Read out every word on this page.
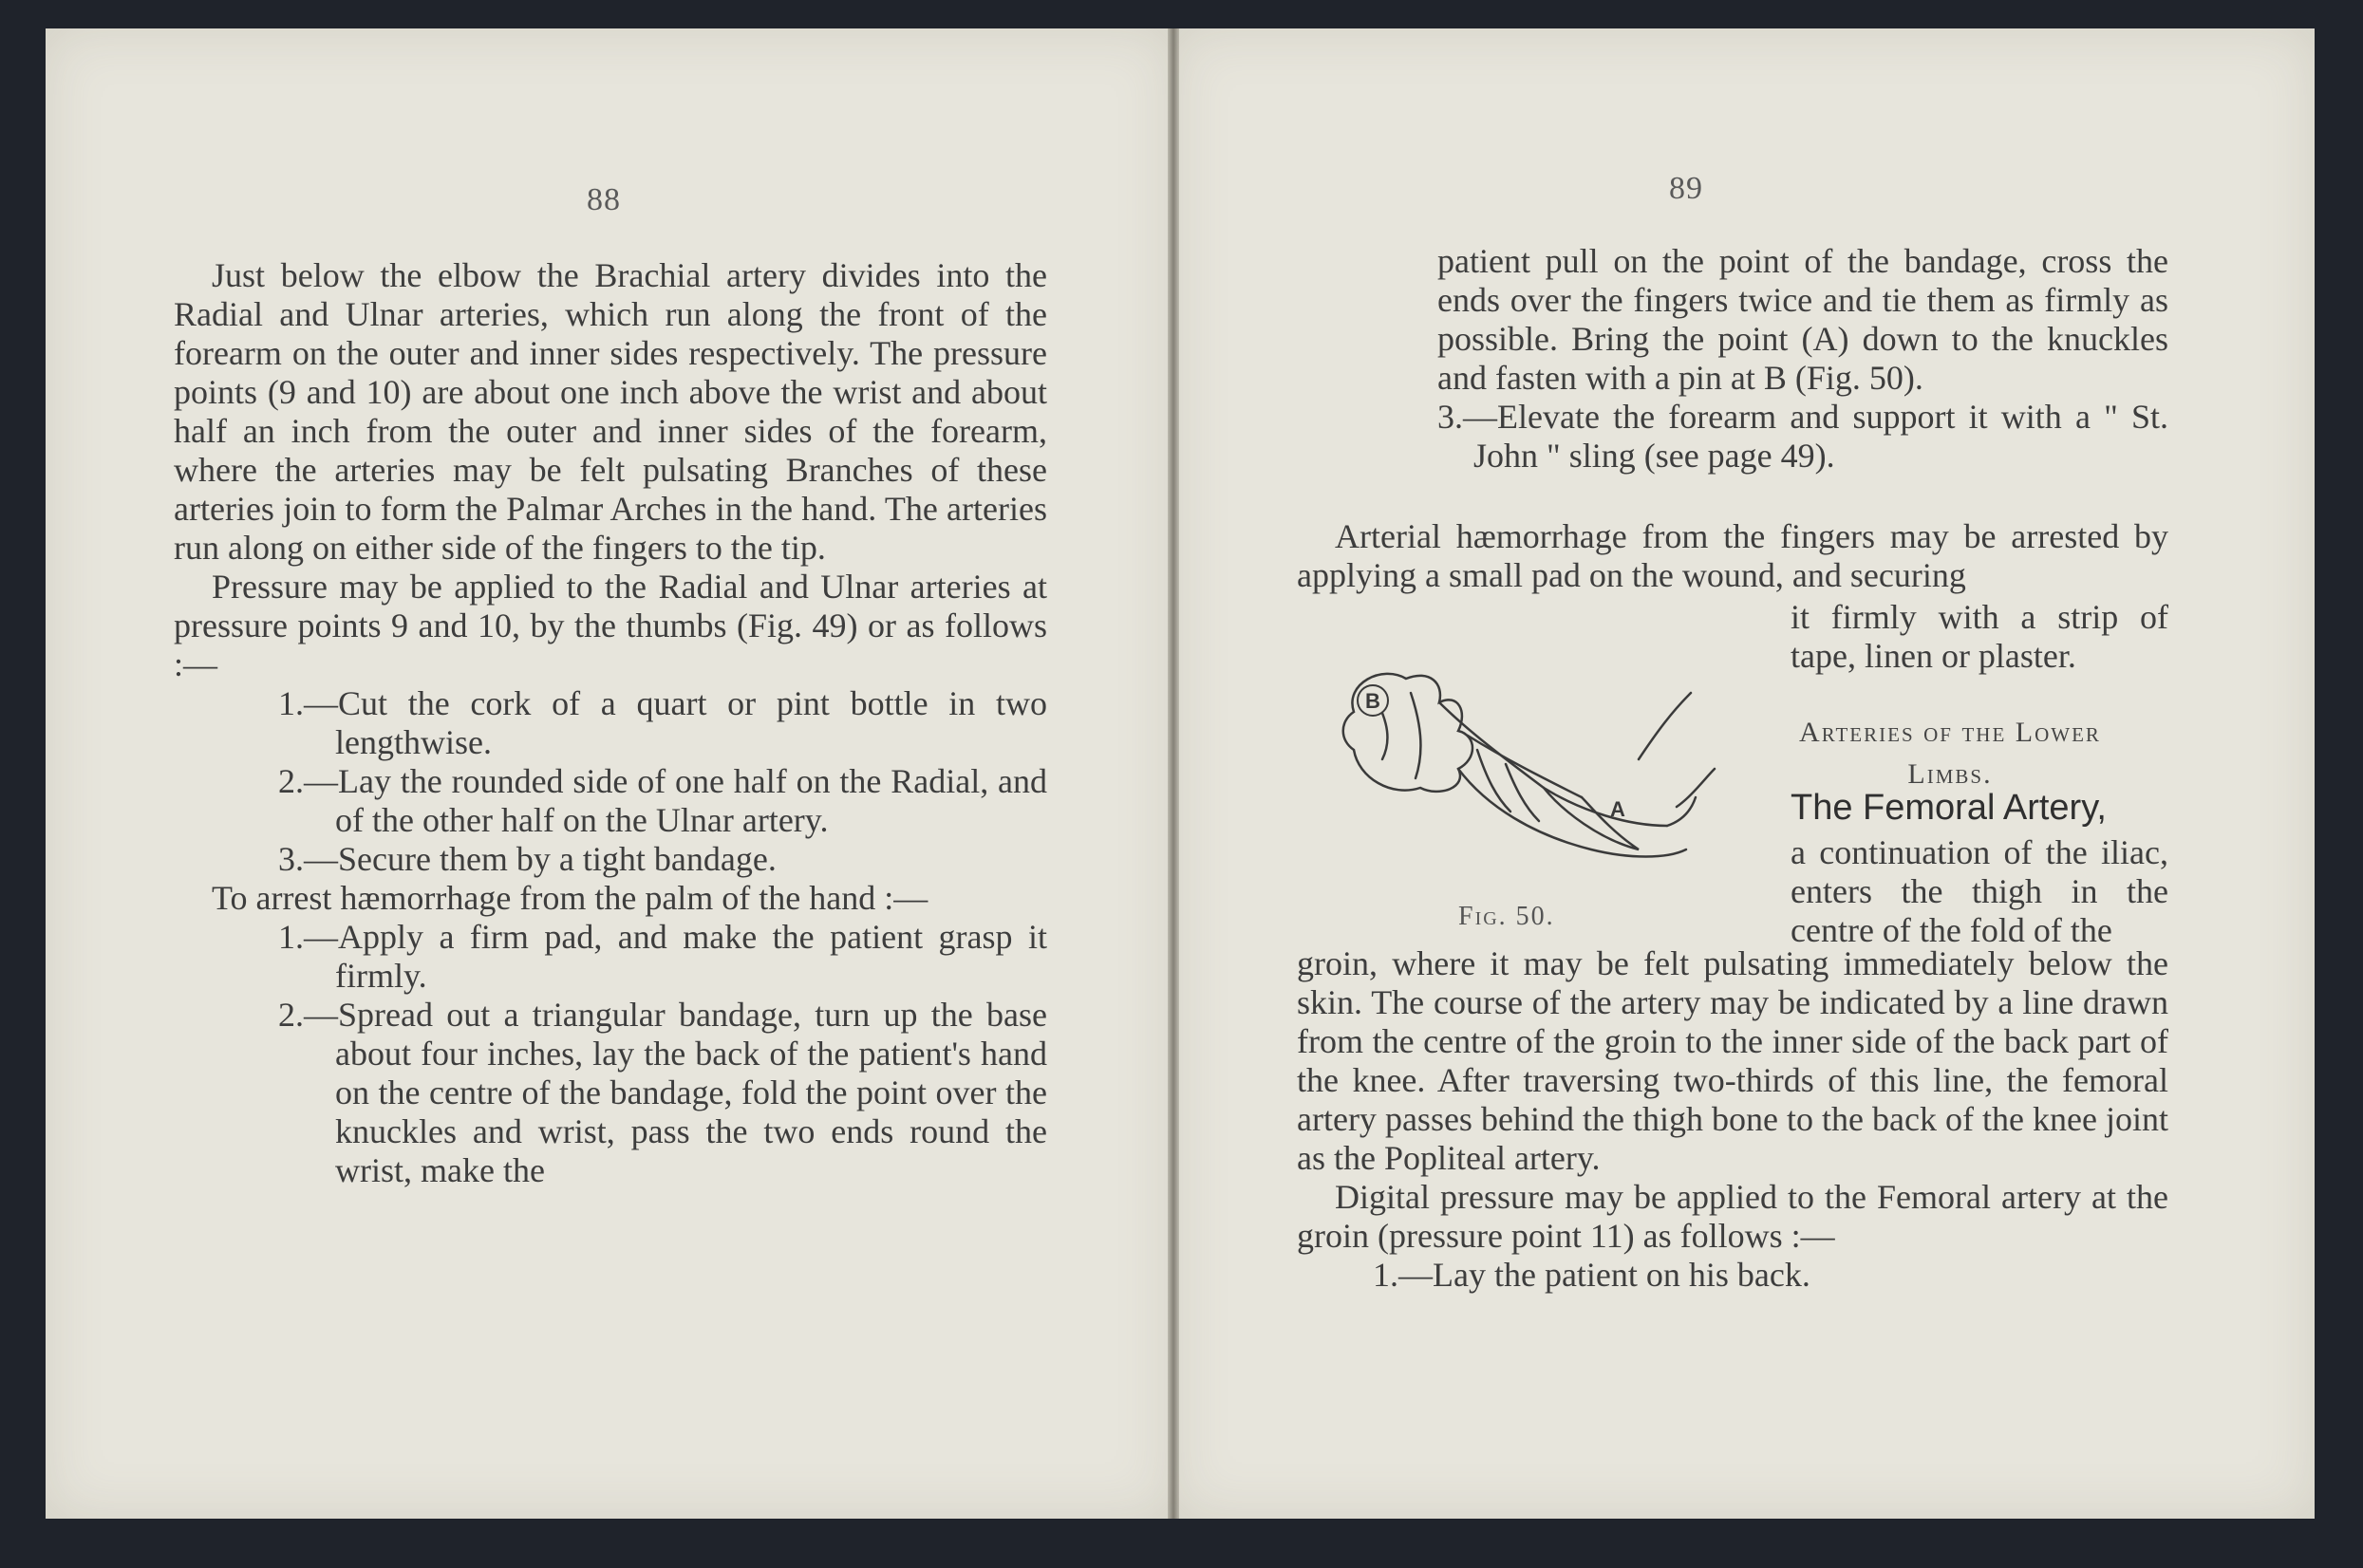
88

Just below the elbow the Brachial artery divides into the Radial and Ulnar arteries, which run along the front of the forearm on the outer and inner sides respectively. The pressure points (9 and 10) are about one inch above the wrist and about half an inch from the outer and inner sides of the forearm, where the arteries may be felt pulsating Branches of these arteries join to form the Palmar Arches in the hand. The arteries run along on either side of the fingers to the tip.

Pressure may be applied to the Radial and Ulnar arteries at pressure points 9 and 10, by the thumbs (Fig. 49) or as follows :—

1.—Cut the cork of a quart or pint bottle in two lengthwise.

2.—Lay the rounded side of one half on the Radial, and of the other half on the Ulnar artery.

3.—Secure them by a tight bandage.

To arrest hæmorrhage from the palm of the hand :—

1.—Apply a firm pad, and make the patient grasp it firmly.

2.—Spread out a triangular bandage, turn up the base about four inches, lay the back of the patient's hand on the centre of the bandage, fold the point over the knuckles and wrist, pass the two ends round the wrist, make the

89

patient pull on the point of the bandage, cross the ends over the fingers twice and tie them as firmly as possible. Bring the point (A) down to the knuckles and fasten with a pin at B (Fig. 50).

3.—Elevate the forearm and support it with a " St. John " sling (see page 49).

Arterial hæmorrhage from the fingers may be arrested by applying a small pad on the wound, and securing

it firmly with a strip of tape, linen or plaster.

B
A
Fig. 50.
Arteries of the Lower
Limbs.
The Femoral Artery,

a continuation of the iliac, enters the thigh in the centre of the fold of the

groin, where it may be felt pulsating immediately below the skin. The course of the artery may be indicated by a line drawn from the centre of the groin to the inner side of the back part of the knee. After traversing two-thirds of this line, the femoral artery passes behind the thigh bone to the back of the knee joint as the Popliteal artery.

Digital pressure may be applied to the Femoral artery at the groin (pressure point 11) as follows :—

1.—Lay the patient on his back.
